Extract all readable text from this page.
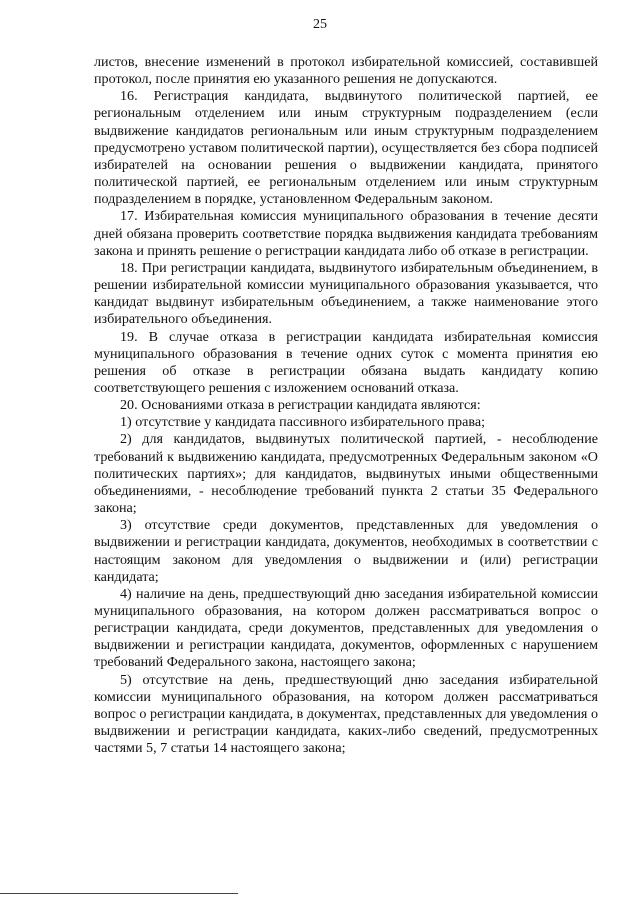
25

листов, внесение изменений в протокол избирательной комиссией, составившей протокол, после принятия ею указанного решения не допускаются.

16. Регистрация кандидата, выдвинутого политической партией, ее региональным отделением или иным структурным подразделением (если выдвижение кандидатов региональным или иным структурным подразделением предусмотрено уставом политической партии), осуществляется без сбора подписей избирателей на основании решения о выдвижении кандидата, принятого политической партией, ее региональным отделением или иным структурным подразделением в порядке, установленном Федеральным законом.

17. Избирательная комиссия муниципального образования в течение десяти дней обязана проверить соответствие порядка выдвижения кандидата требованиям закона и принять решение о регистрации кандидата либо об отказе в регистрации.

18. При регистрации кандидата, выдвинутого избирательным объединением, в решении избирательной комиссии муниципального образования указывается, что кандидат выдвинут избирательным объединением, а также наименование этого избирательного объединения.

19. В случае отказа в регистрации кандидата избирательная комиссия муниципального образования в течение одних суток с момента принятия ею решения об отказе в регистрации обязана выдать кандидату копию соответствующего решения с изложением оснований отказа.

20. Основаниями отказа в регистрации кандидата являются:

1) отсутствие у кандидата пассивного избирательного права;

2) для кандидатов, выдвинутых политической партией, - несоблюдение требований к выдвижению кандидата, предусмотренных Федеральным законом «О политических партиях»; для кандидатов, выдвинутых иными общественными объединениями, - несоблюдение требований пункта 2 статьи 35 Федерального закона;

3) отсутствие среди документов, представленных для уведомления о выдвижении и регистрации кандидата, документов, необходимых в соответствии с настоящим законом для уведомления о выдвижении и (или) регистрации кандидата;

4) наличие на день, предшествующий дню заседания избирательной комиссии муниципального образования, на котором должен рассматриваться вопрос о регистрации кандидата, среди документов, представленных для уведомления о выдвижении и регистрации кандидата, документов, оформленных с нарушением требований Федерального закона, настоящего закона;

5) отсутствие на день, предшествующий дню заседания избирательной комиссии муниципального образования, на котором должен рассматриваться вопрос о регистрации кандидата, в документах, представленных для уведомления о выдвижении и регистрации кандидата, каких-либо сведений, предусмотренных частями 5, 7 статьи 14 настоящего закона;
